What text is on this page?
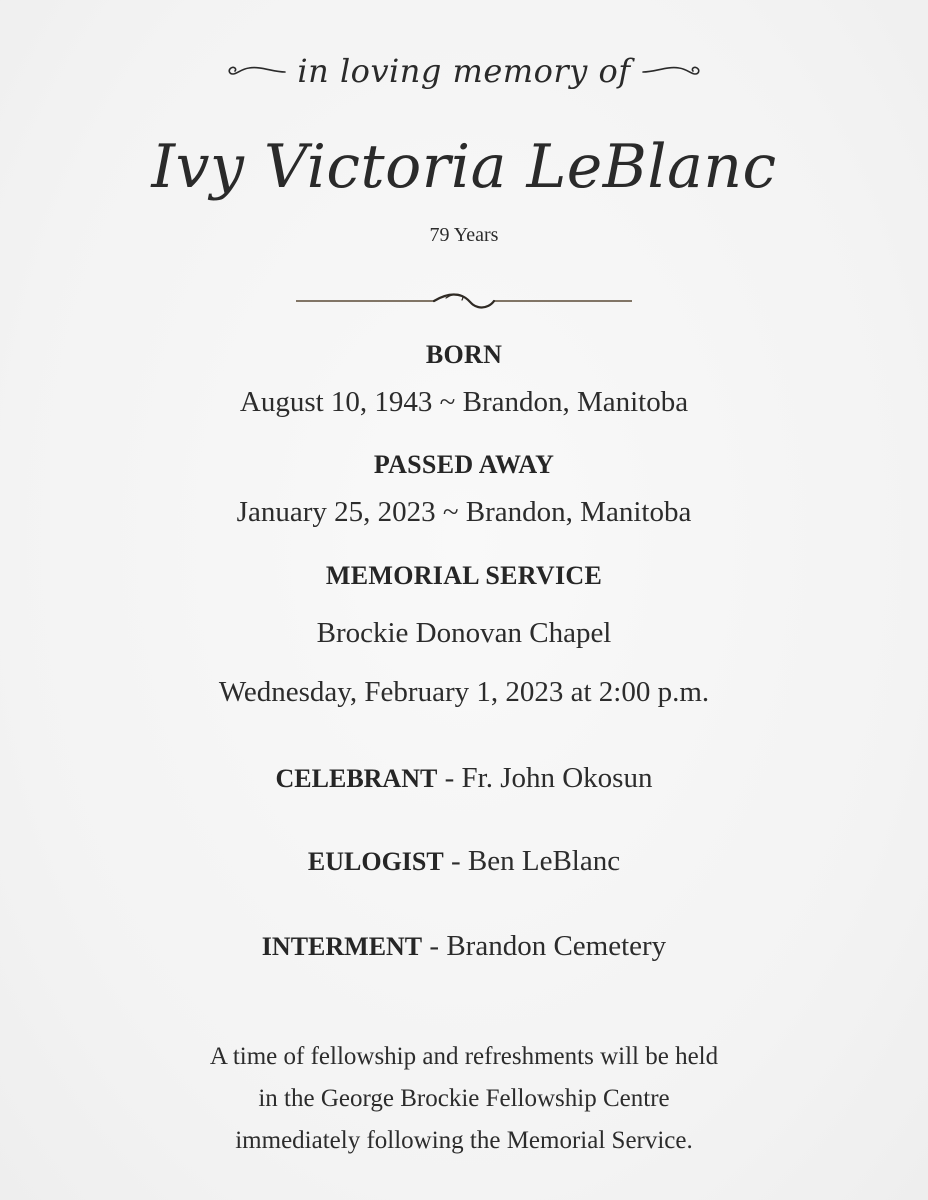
in loving memory of
Ivy Victoria LeBlanc
79 Years
BORN
August 10, 1943 ~ Brandon, Manitoba
PASSED AWAY
January 25, 2023 ~ Brandon, Manitoba
MEMORIAL SERVICE
Brockie Donovan Chapel
Wednesday, February 1, 2023 at 2:00 p.m.
CELEBRANT - Fr. John Okosun
EULOGIST - Ben LeBlanc
INTERMENT - Brandon Cemetery
A time of fellowship and refreshments will be held
in the George Brockie Fellowship Centre
immediately following the Memorial Service.
